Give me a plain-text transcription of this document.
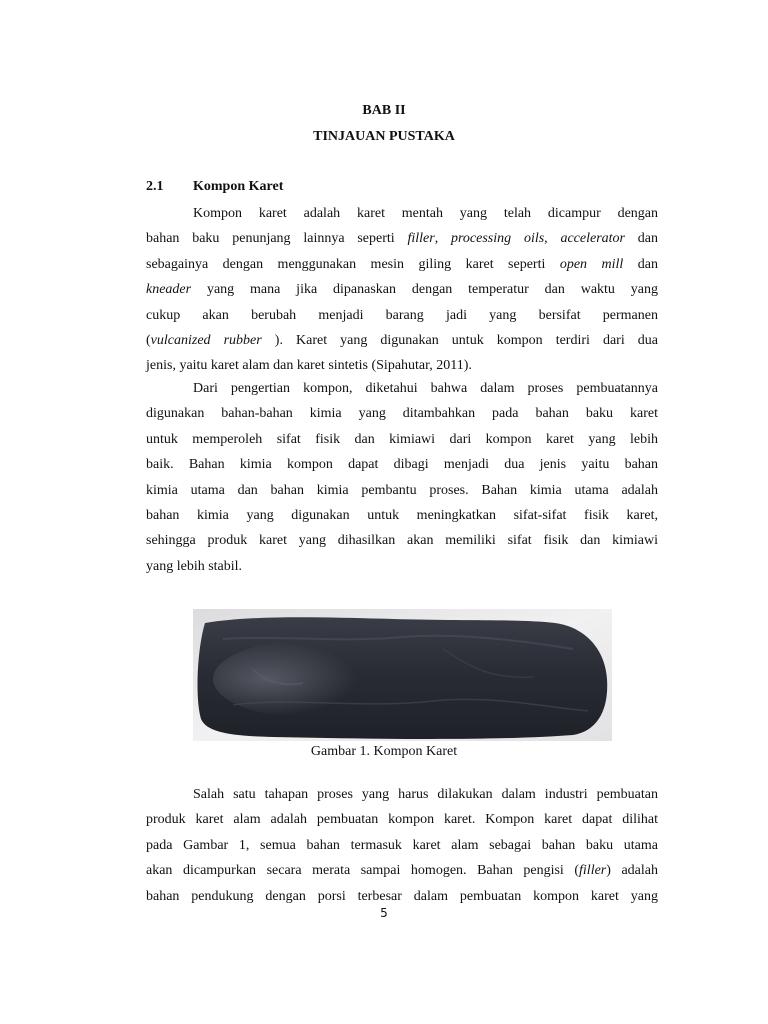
BAB II
TINJAUAN PUSTAKA
2.1 Kompon Karet
Kompon karet adalah karet mentah yang telah dicampur dengan
bahan baku penunjang lainnya seperti filler, processing oils, accelerator dan
sebagainya dengan menggunakan mesin giling karet seperti open mill dan
kneader yang mana jika dipanaskan dengan temperatur dan waktu yang
cukup akan berubah menjadi barang jadi yang bersifat permanen
(vulcanized rubber ). Karet yang digunakan untuk kompon terdiri dari dua
jenis, yaitu karet alam dan karet sintetis (Sipahutar, 2011).
Dari pengertian kompon, diketahui bahwa dalam proses pembuatannya
digunakan bahan-bahan kimia yang ditambahkan pada bahan baku karet
untuk memperoleh sifat fisik dan kimiawi dari kompon karet yang lebih
baik. Bahan kimia kompon dapat dibagi menjadi dua jenis yaitu bahan
kimia utama dan bahan kimia pembantu proses. Bahan kimia utama adalah
bahan kimia yang digunakan untuk meningkatkan sifat-sifat fisik karet,
sehingga produk karet yang dihasilkan akan memiliki sifat fisik dan kimiawi
yang lebih stabil.

Gambar 1. Kompon Karet

Salah satu tahapan proses yang harus dilakukan dalam industri pembuatan
produk karet alam adalah pembuatan kompon karet. Kompon karet dapat dilihat
pada Gambar 1, semua bahan termasuk karet alam sebagai bahan baku utama
akan dicampurkan secara merata sampai homogen. Bahan pengisi (filler) adalah
bahan pendukung dengan porsi terbesar dalam pembuatan kompon karet yang
5
